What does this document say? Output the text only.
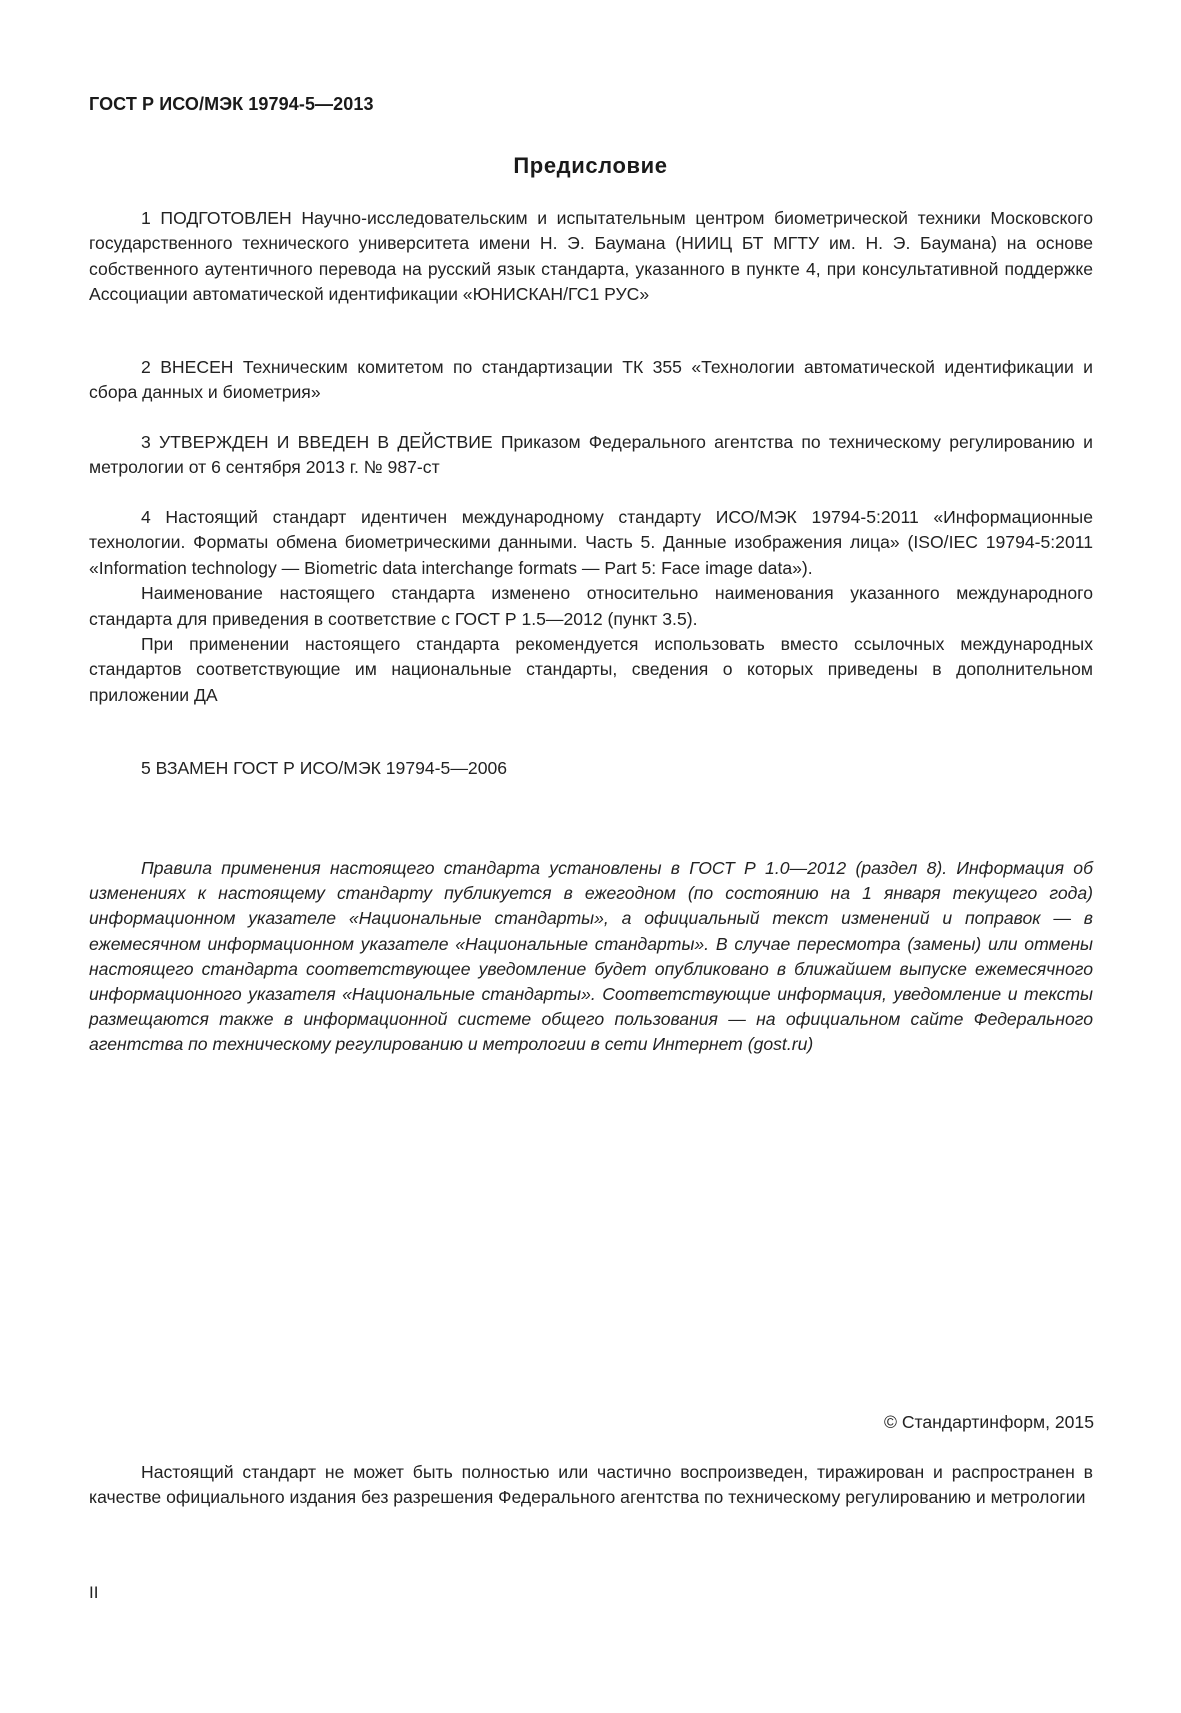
ГОСТ Р ИСО/МЭК 19794-5—2013
Предисловие

1 ПОДГОТОВЛЕН Научно-исследовательским и испытательным центром биометрической техники Московского государственного технического университета имени Н. Э. Баумана (НИИЦ БТ МГТУ им. Н. Э. Баумана) на основе собственного аутентичного перевода на русский язык стандарта, указанного в пункте 4, при консультативной поддержке Ассоциации автоматической идентификации «ЮНИСКАН/ГС1 РУС»

2 ВНЕСЕН Техническим комитетом по стандартизации ТК 355 «Технологии автоматической идентификации и сбора данных и биометрия»

3 УТВЕРЖДЕН И ВВЕДЕН В ДЕЙСТВИЕ Приказом Федерального агентства по техническому регулированию и метрологии от 6 сентября 2013 г. № 987-ст

4 Настоящий стандарт идентичен международному стандарту ИСО/МЭК 19794-5:2011 «Информационные технологии. Форматы обмена биометрическими данными. Часть 5. Данные изображения лица» (ISO/IEC 19794-5:2011 «Information technology — Biometric data interchange formats — Part 5: Face image data»).

Наименование настоящего стандарта изменено относительно наименования указанного международного стандарта для приведения в соответствие с ГОСТ Р 1.5—2012 (пункт 3.5).

При применении настоящего стандарта рекомендуется использовать вместо ссылочных международных стандартов соответствующие им национальные стандарты, сведения о которых приведены в дополнительном приложении ДА

5 ВЗАМЕН ГОСТ Р ИСО/МЭК 19794-5—2006

Правила применения настоящего стандарта установлены в ГОСТ Р 1.0—2012 (раздел 8). Информация об изменениях к настоящему стандарту публикуется в ежегодном (по состоянию на 1 января текущего года) информационном указателе «Национальные стандарты», а официальный текст изменений и поправок — в ежемесячном информационном указателе «Национальные стандарты». В случае пересмотра (замены) или отмены настоящего стандарта соответствующее уведомление будет опубликовано в ближайшем выпуске ежемесячного информационного указателя «Национальные стандарты». Соответствующие информация, уведомление и тексты размещаются также в информационной системе общего пользования — на официальном сайте Федерального агентства по техническому регулированию и метрологии в сети Интернет (gost.ru)

© Стандартинформ, 2015

Настоящий стандарт не может быть полностью или частично воспроизведен, тиражирован и распространен в качестве официального издания без разрешения Федерального агентства по техническому регулированию и метрологии

II
